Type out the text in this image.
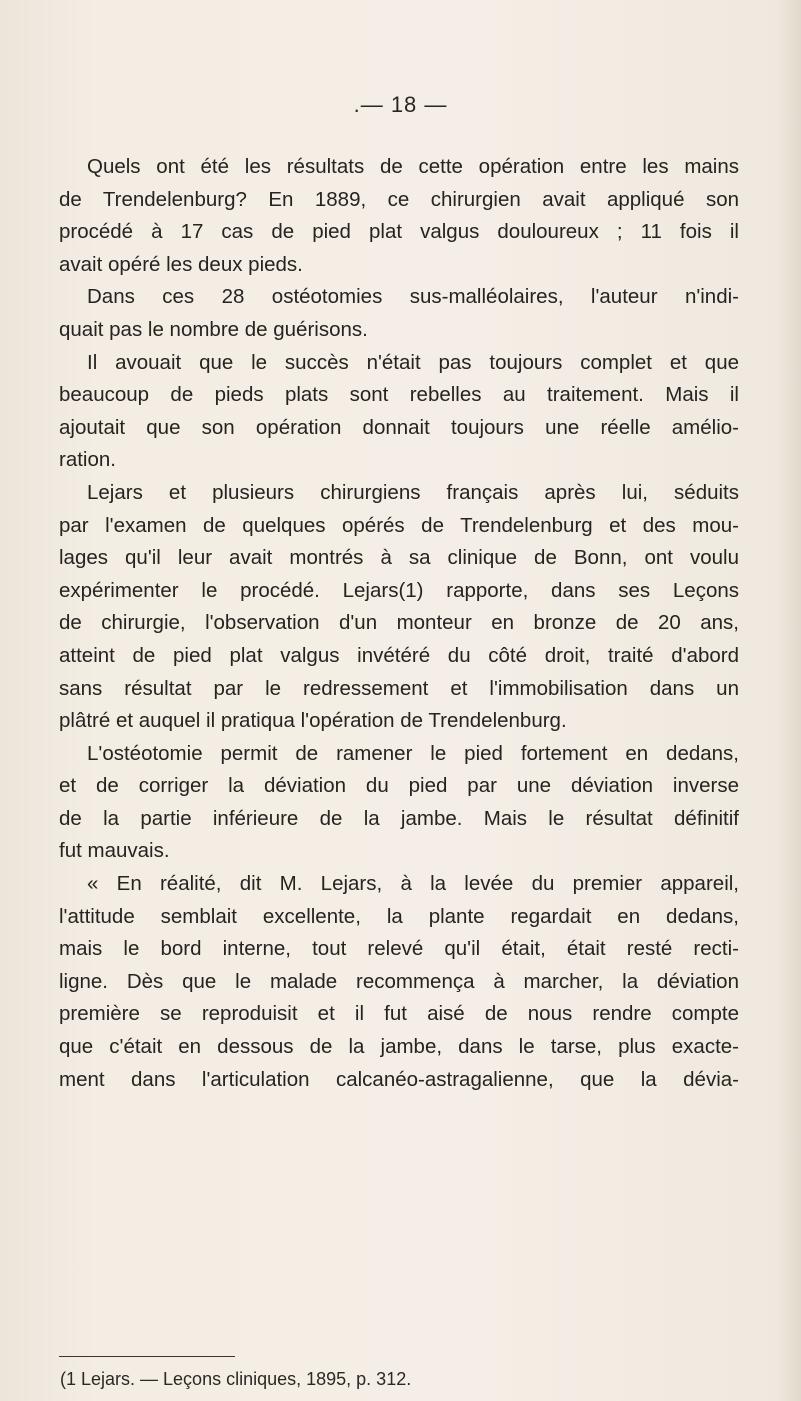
.— 18 —
Quels ont été les résultats de cette opération entre les mains
de Trendelenburg? En 1889, ce chirurgien avait appliqué son
procédé à 17 cas de pied plat valgus douloureux ; 11 fois il
avait opéré les deux pieds.
Dans ces 28 ostéotomies sus-malléolaires, l'auteur n'indi-
quait pas le nombre de guérisons.
Il avouait que le succès n'était pas toujours complet et que
beaucoup de pieds plats sont rebelles au traitement. Mais il
ajoutait que son opération donnait toujours une réelle amélio-
ration.
Lejars et plusieurs chirurgiens français après lui, séduits
par l'examen de quelques opérés de Trendelenburg et des mou-
lages qu'il leur avait montrés à sa clinique de Bonn, ont voulu
expérimenter le procédé. Lejars(1) rapporte, dans ses Leçons
de chirurgie, l'observation d'un monteur en bronze de 20 ans,
atteint de pied plat valgus invétéré du côté droit, traité d'abord
sans résultat par le redressement et l'immobilisation dans un
plâtré et auquel il pratiqua l'opération de Trendelenburg.
L'ostéotomie permit de ramener le pied fortement en dedans,
et de corriger la déviation du pied par une déviation inverse
de la partie inférieure de la jambe. Mais le résultat définitif
fut mauvais.
« En réalité, dit M. Lejars, à la levée du premier appareil,
l'attitude semblait excellente, la plante regardait en dedans,
mais le bord interne, tout relevé qu'il était, était resté recti-
ligne. Dès que le malade recommença à marcher, la déviation
première se reproduisit et il fut aisé de nous rendre compte
que c'était en dessous de la jambe, dans le tarse, plus exacte-
ment dans l'articulation calcanéo-astragalienne, que la dévia-
(1 Lejars. — Leçons cliniques, 1895, p. 312.
